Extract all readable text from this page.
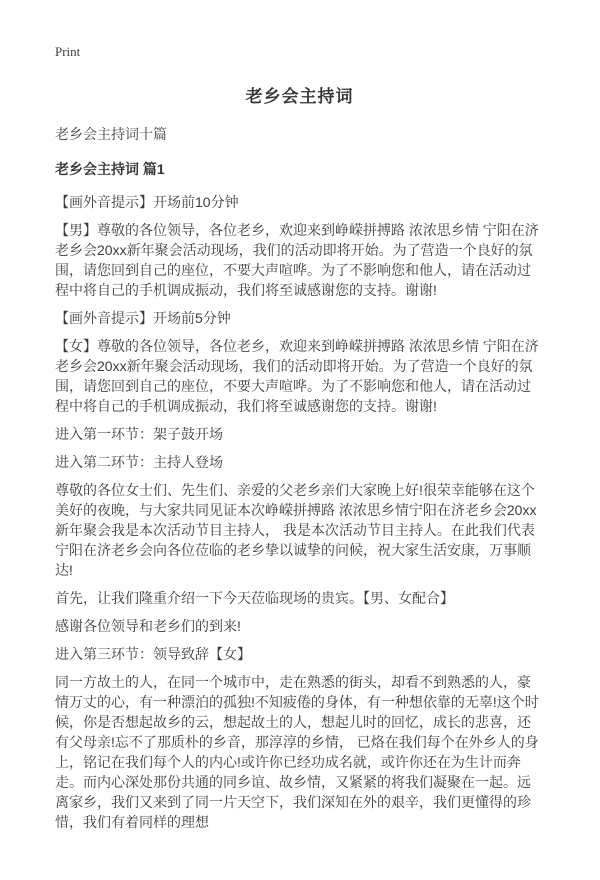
Print
老乡会主持词
老乡会主持词十篇
老乡会主持词 篇1

【画外音提示】开场前10分钟

【男】尊敬的各位领导，各位老乡，欢迎来到峥嵘拼搏路 浓浓思乡情 宁阳在济老乡会20xx新年聚会活动现场，我们的活动即将开始。为了营造一个良好的氛围，请您回到自己的座位，不要大声喧哗。为了不影响您和他人，请在活动过程中将自己的手机调成振动，我们将至诚感谢您的支持。谢谢!

【画外音提示】开场前5分钟

【女】尊敬的各位领导，各位老乡，欢迎来到峥嵘拼搏路 浓浓思乡情 宁阳在济老乡会20xx新年聚会活动现场，我们的活动即将开始。为了营造一个良好的氛围，请您回到自己的座位，不要大声喧哗。为了不影响您和他人，请在活动过程中将自己的手机调成振动，我们将至诚感谢您的支持。谢谢!

进入第一环节：架子鼓开场

进入第二环节：主持人登场

尊敬的各位女士们、先生们、亲爱的父老乡亲们大家晚上好!很荣幸能够在这个美好的夜晚，与大家共同见证本次峥嵘拼搏路 浓浓思乡情宁阳在济老乡会20xx新年聚会我是本次活动节目主持人， 我是本次活动节目主持人。在此我们代表宁阳在济老乡会向各位莅临的老乡挚以诚挚的问候，祝大家生活安康，万事顺达!

首先，让我们隆重介绍一下今天莅临现场的贵宾。【男、女配合】

感谢各位领导和老乡们的到来!

进入第三环节：领导致辞【女】

同一方故土的人，在同一个城市中，走在熟悉的街头，却看不到熟悉的人，豪情万丈的心，有一种漂泊的孤独!不知疲倦的身体，有一种想依靠的无辜!这个时候，你是否想起故乡的云，想起故土的人，想起儿时的回忆，成长的悲喜，还有父母亲!忘不了那质朴的乡音，那淳淳的乡情， 已烙在我们每个在外乡人的身上，铭记在我们每个人的内心!或许你已经功成名就，或许你还在为生计而奔走。而内心深处那份共通的同乡谊、故乡情，又紧紧的将我们凝聚在一起。远离家乡，我们又来到了同一片天空下，我们深知在外的艰辛，我们更懂得的珍惜，我们有着同样的理想
